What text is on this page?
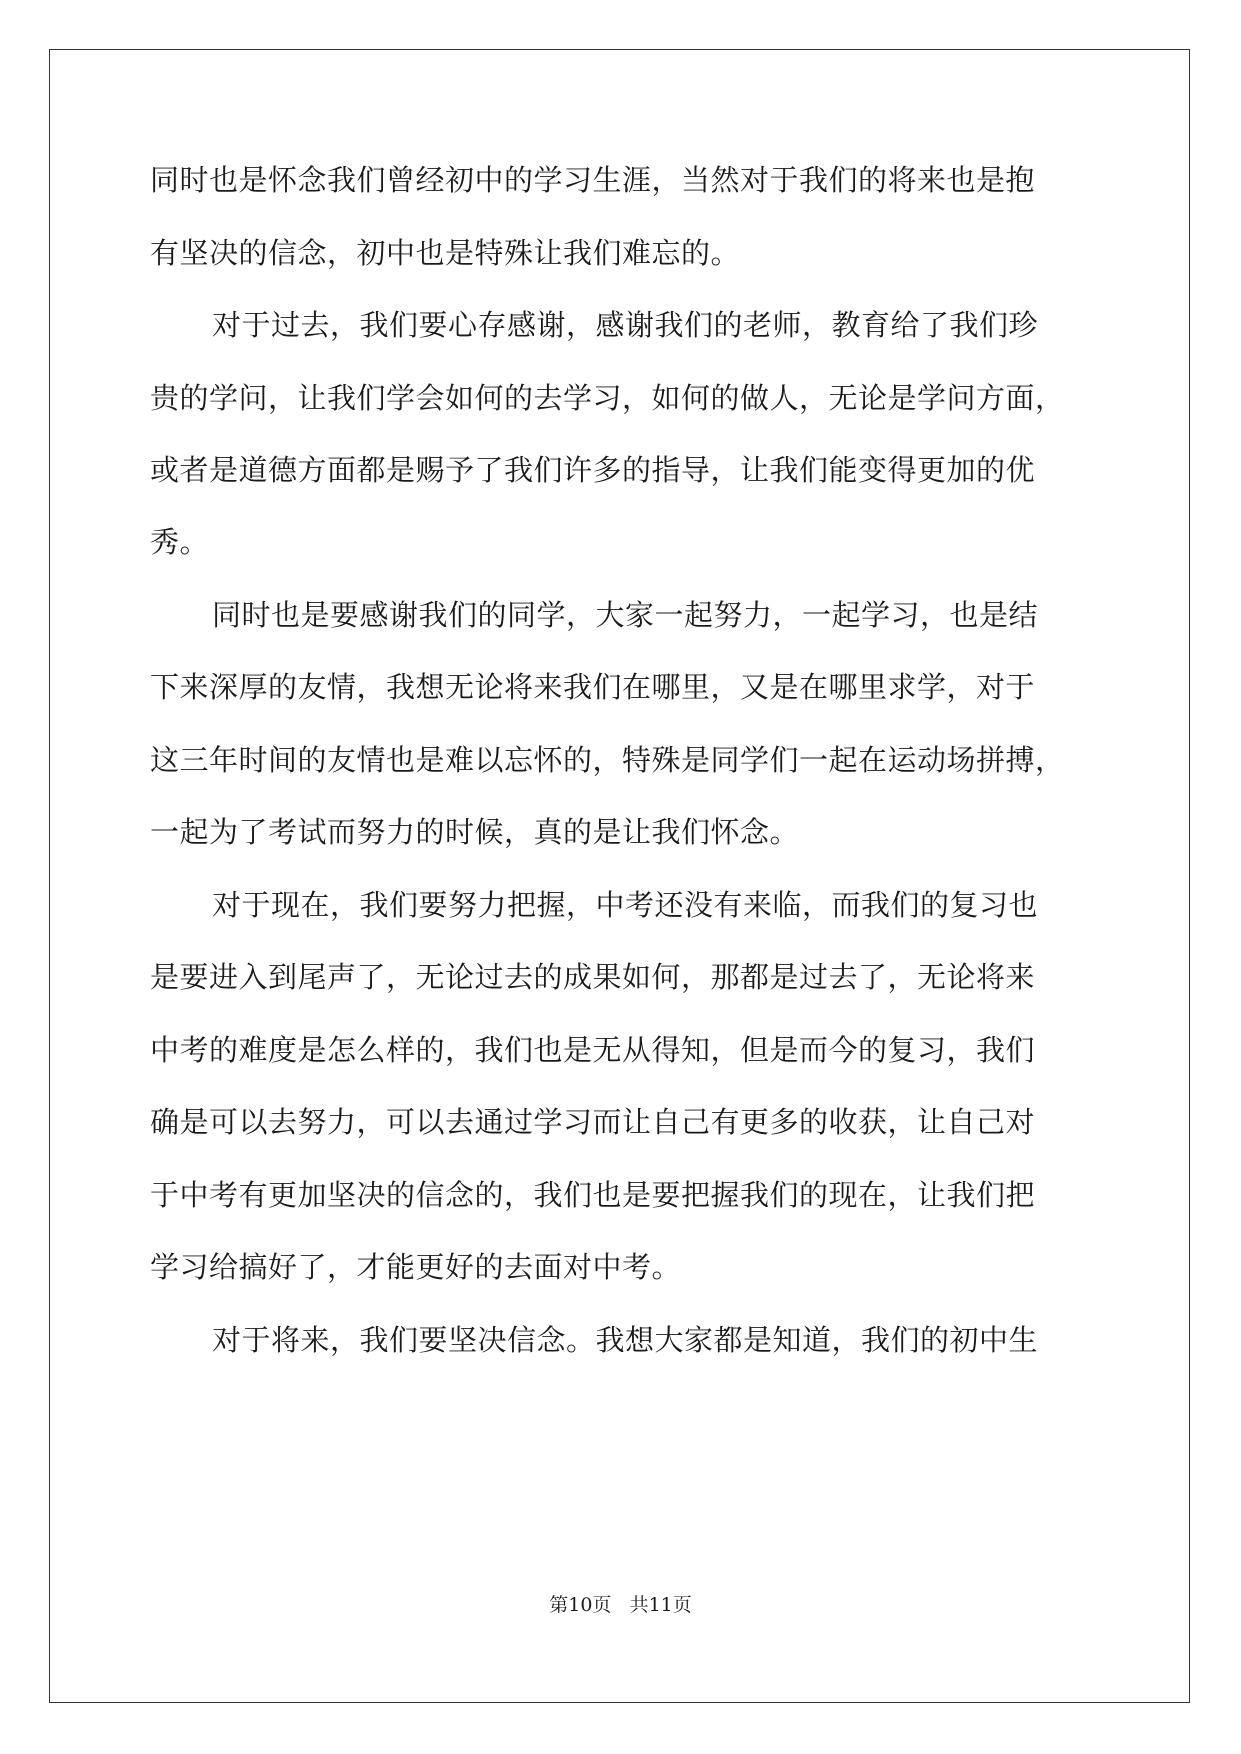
同时也是怀念我们曾经初中的学习生涯，当然对于我们的将来也是抱
有坚决的信念，初中也是特殊让我们难忘的。
对于过去，我们要心存感谢，感谢我们的老师，教育给了我们珍
贵的学问，让我们学会如何的去学习，如何的做人，无论是学问方面，
或者是道德方面都是赐予了我们许多的指导，让我们能变得更加的优
秀。
同时也是要感谢我们的同学，大家一起努力，一起学习，也是结
下来深厚的友情，我想无论将来我们在哪里，又是在哪里求学，对于
这三年时间的友情也是难以忘怀的，特殊是同学们一起在运动场拼搏，
一起为了考试而努力的时候，真的是让我们怀念。
对于现在，我们要努力把握，中考还没有来临，而我们的复习也
是要进入到尾声了，无论过去的成果如何，那都是过去了，无论将来
中考的难度是怎么样的，我们也是无从得知，但是而今的复习，我们
确是可以去努力，可以去通过学习而让自己有更多的收获，让自己对
于中考有更加坚决的信念的，我们也是要把握我们的现在，让我们把
学习给搞好了，才能更好的去面对中考。
对于将来，我们要坚决信念。我想大家都是知道，我们的初中生
第10页 共11页
